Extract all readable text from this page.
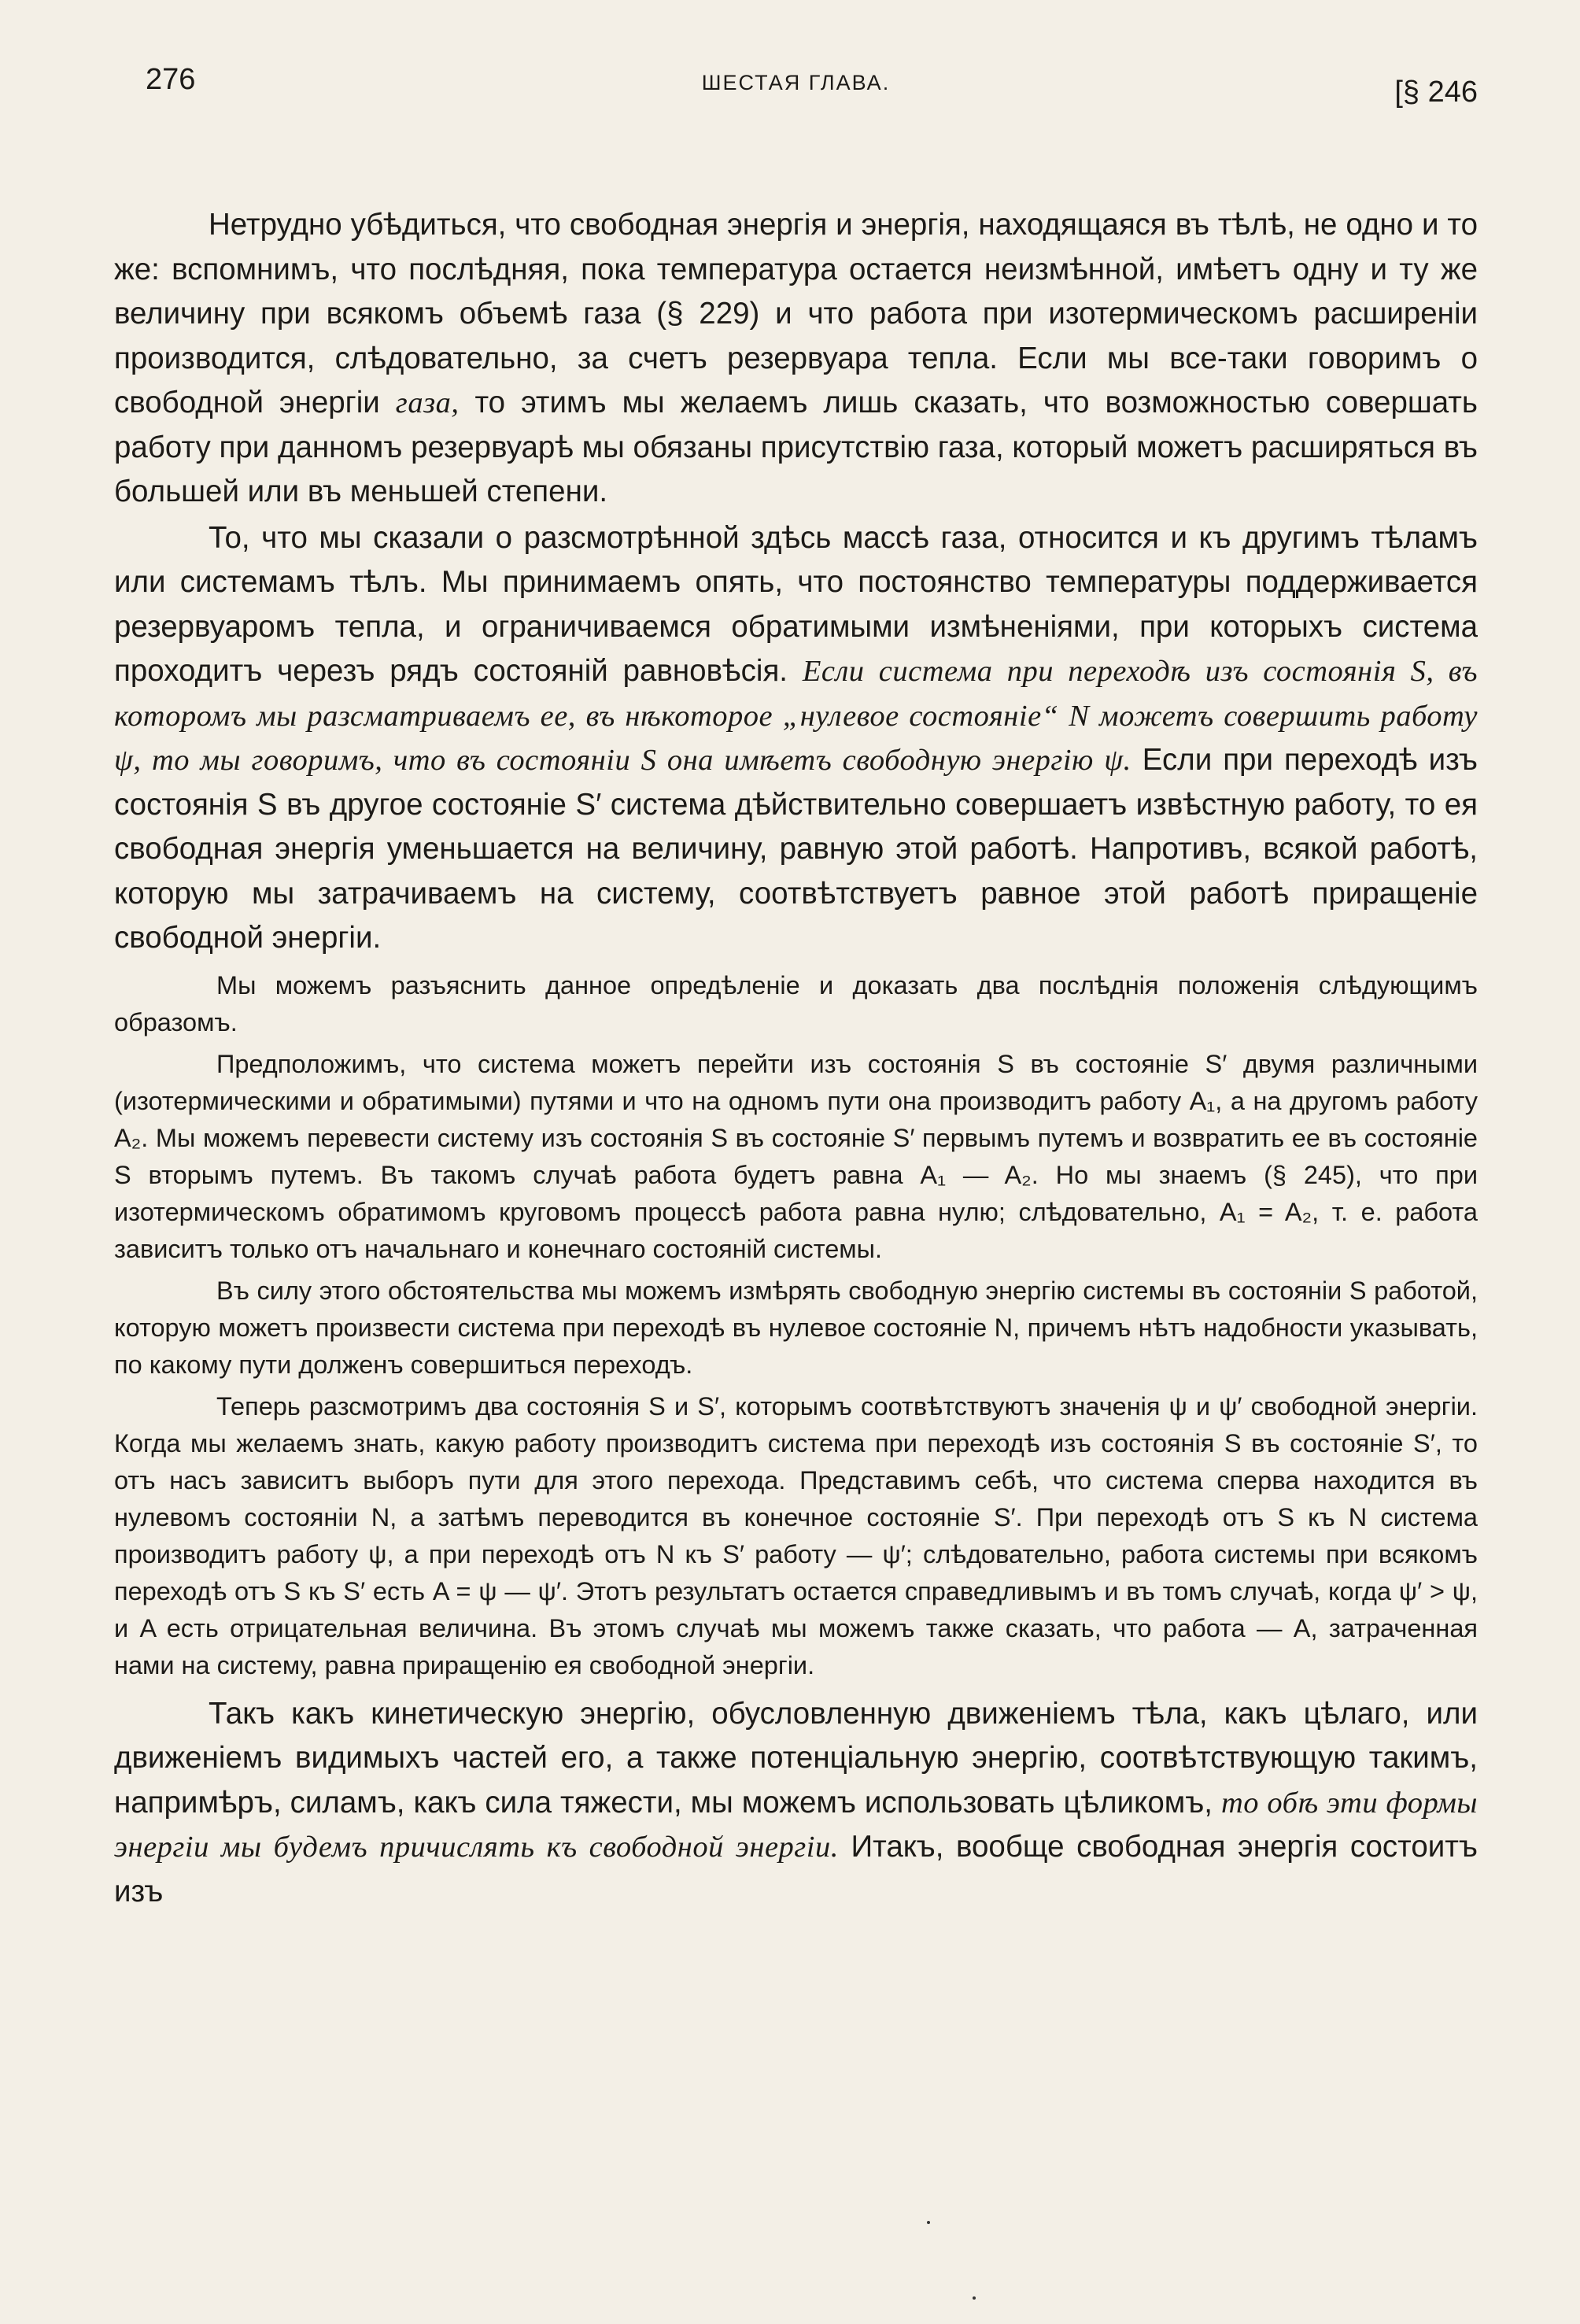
276	ШЕСТАЯ ГЛАВА.	[§ 246

Нетрудно убѣдиться, что свободная энергія и энергія, находящаяся въ тѣлѣ, не одно и то же: вспомнимъ, что послѣдняя, пока температура остается неизмѣнной, имѣетъ одну и ту же величину при всякомъ объемѣ газа (§ 229) и что работа при изотермическомъ расширеніи производится, слѣдовательно, за счетъ резервуара тепла. Если мы все-таки говоримъ о свободной энергіи газа, то этимъ мы желаемъ лишь сказать, что возможностью совершать работу при данномъ резервуарѣ мы обязаны присутствію газа, который можетъ расширяться въ большей или въ меньшей степени.

То, что мы сказали о разсмотрѣнной здѣсь массѣ газа, относится и къ другимъ тѣламъ или системамъ тѣлъ. Мы принимаемъ опять, что постоянство температуры поддерживается резервуаромъ тепла, и ограничиваемся обратимыми измѣненіями, при которыхъ система проходитъ черезъ рядъ состояній равновѣсія. Если система при переходѣ изъ состоянія S, въ которомъ мы разсматриваемъ ее, въ нѣкоторое „нулевое состояніе“ N можетъ совершить работу ψ, то мы говоримъ, что въ состояніи S она имѣетъ свободную энергію ψ. Если при переходѣ изъ состоянія S въ другое состояніе S′ система дѣйствительно совершаетъ извѣстную работу, то ея свободная энергія уменьшается на величину, равную этой работѣ. Напротивъ, всякой работѣ, которую мы затрачиваемъ на систему, соотвѣтствуетъ равное этой работѣ приращеніе свободной энергіи.

Мы можемъ разъяснить данное опредѣленіе и доказать два послѣднія положенія слѣдующимъ образомъ.

Предположимъ, что система можетъ перейти изъ состоянія S въ состояніе S′ двумя различными (изотермическими и обратимыми) путями и что на одномъ пути она производитъ работу A₁, а на другомъ работу A₂. Мы можемъ перевести систему изъ состоянія S въ состояніе S′ первымъ путемъ и возвратить ее въ состояніе S вторымъ путемъ. Въ такомъ случаѣ работа будетъ равна A₁ — A₂. Но мы знаемъ (§ 245), что при изотермическомъ обратимомъ круговомъ процессѣ работа равна нулю; слѣдовательно, A₁ = A₂, т. е. работа зависитъ только отъ начальнаго и конечнаго состояній системы.

Въ силу этого обстоятельства мы можемъ измѣрять свободную энергію системы въ состояніи S работой, которую можетъ произвести система при переходѣ въ нулевое состояніе N, причемъ нѣтъ надобности указывать, по какому пути долженъ совершиться переходъ.

Теперь разсмотримъ два состоянія S и S′, которымъ соотвѣтствуютъ значенія ψ и ψ′ свободной энергіи. Когда мы желаемъ знать, какую работу производитъ система при переходѣ изъ состоянія S въ состояніе S′, то отъ насъ зависитъ выборъ пути для этого перехода. Представимъ себѣ, что система сперва находится въ нулевомъ состояніи N, а затѣмъ переводится въ конечное состояніе S′. При переходѣ отъ S къ N система производитъ работу ψ, а при переходѣ отъ N къ S′ работу — ψ′; слѣдовательно, работа системы при всякомъ переходѣ отъ S къ S′ есть A = ψ — ψ′. Этотъ результатъ остается справедливымъ и въ томъ случаѣ, когда ψ′ > ψ, и A есть отрицательная величина. Въ этомъ случаѣ мы можемъ также сказать, что работа — A, затраченная нами на систему, равна приращенію ея свободной энергіи.

Такъ какъ кинетическую энергію, обусловленную движеніемъ тѣла, какъ цѣлаго, или движеніемъ видимыхъ частей его, а также потенціальную энергію, соотвѣтствующую такимъ, напримѣръ, силамъ, какъ сила тяжести, мы можемъ использовать цѣликомъ, то обѣ эти формы энергіи мы будемъ причислять къ свободной энергіи. Итакъ, вообще свободная энергія состоитъ изъ
